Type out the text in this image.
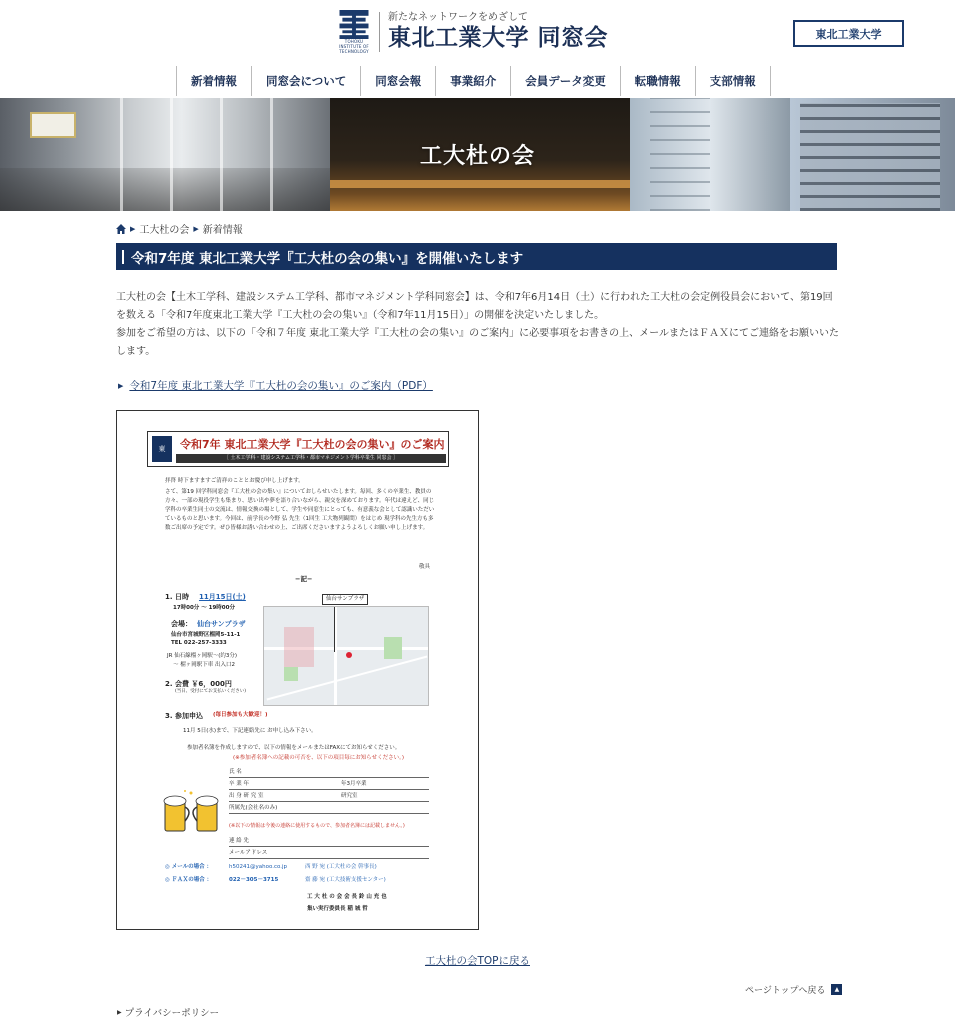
TOHOKU INSTITUTE OF TECHNOLOGY
新たなネットワークをめざして
東北工業大学 同窓会	東北工業大学
新着情報	同窓会について	同窓会報	事業紹介	会員データ変更	転職情報	支部情報
工大杜の会
▶ 工大杜の会 ▶ 新着情報
令和7年度 東北工業大学『工大杜の会の集い』を開催いたします

工大杜の会【土木工学科、建設システム工学科、都市マネジメント学科同窓会】は、令和7年6月14日（土）に行われた工大杜の会定例役員会において、第19回を数える「令和7年度東北工業大学『工大杜の会の集い』（令和7年11月15日）」の開催を決定いたしました。

参加をご希望の方は、以下の「令和７年度 東北工業大学『工大杜の会の集い』のご案内」に必要事項をお書きの上、メールまたはＦＡＸにてご連絡をお願いいたします。

▶ 令和7年度 東北工業大学『工大杜の会の集い』のご案内（PDF）
東	令和7年 東北工業大学『工大杜の会の集い』のご案内
［ 土木工学科・建設システム工学科・都市マネジメント学科卒業生 同窓会 ］
拝啓 時下ますますご清祥のこととお慶び申し上げます。
さて、第19 回学科同窓会『工大杜の会の集い』についておしらせいたします。毎回、多くの卒業生、教員の方々、一部の現役学生も集まり、思い出や夢を語り合いながら、親交を深めております。年代は違えど、同じ学科の卒業生同士の交流は、情報交換の場として、学生や同窓生にとっても、有意義な会として認識いただいているものと思います。今回は、前学長の今野 弘 先生（1回生 工大物列観問）をはじめ 現学科の先生方も多数ご出席の予定です。ぜひ皆様お誘い合わせの上、ご出席くださいますようよろしくお願い申し上げます。
敬具
−記−
1. 日時 11月15日(土)
17時00分 ～ 19時00分
会場： 仙台サンプラザ
仙台市宮城野区榴岡5-11-1
TEL 022-257-3333
JR 仙石線榴ヶ岡駅～(約3分)
～ 榴ヶ岡駅下車 出入口2
仙台サンプラザ
2. 会費 ￥6，000円
(当日、受付にてお支払いください)
3. 参加申込 (毎日参加も大歓迎！)
11月 5日(水)まで、下記連絡先に お申し込み下さい。
参加者名簿を作成しますので、以下の情報をメールまたはFAXにてお知らせください。
(※参加者名簿への記載の可否を、以下の項目毎にお知らせください。)
氏 名
卒 業 年	年3月卒業
出 身 研 究 室	研究室
所属先(会社名のみ)
(※以下の情報は今後の連絡に使用するもので、参加者名簿には記載しません。)
連 絡 先
メールアドレス
◎ メールの場合 ：	h50241@yahoo.co.jp	西 野 宛 (工大杜の会 幹事長)
◎ ＦＡＸの場合 ：	022－305－3715	齋 藤 宛 (工大技術支援センター)
工 大 杜 の 会 会 長 鈴 山 充 也
集い実行委員長 稲 城 哲
工大杜の会TOPに戻る
ページトップへ戻る	▲
▶ プライバシーポリシー
